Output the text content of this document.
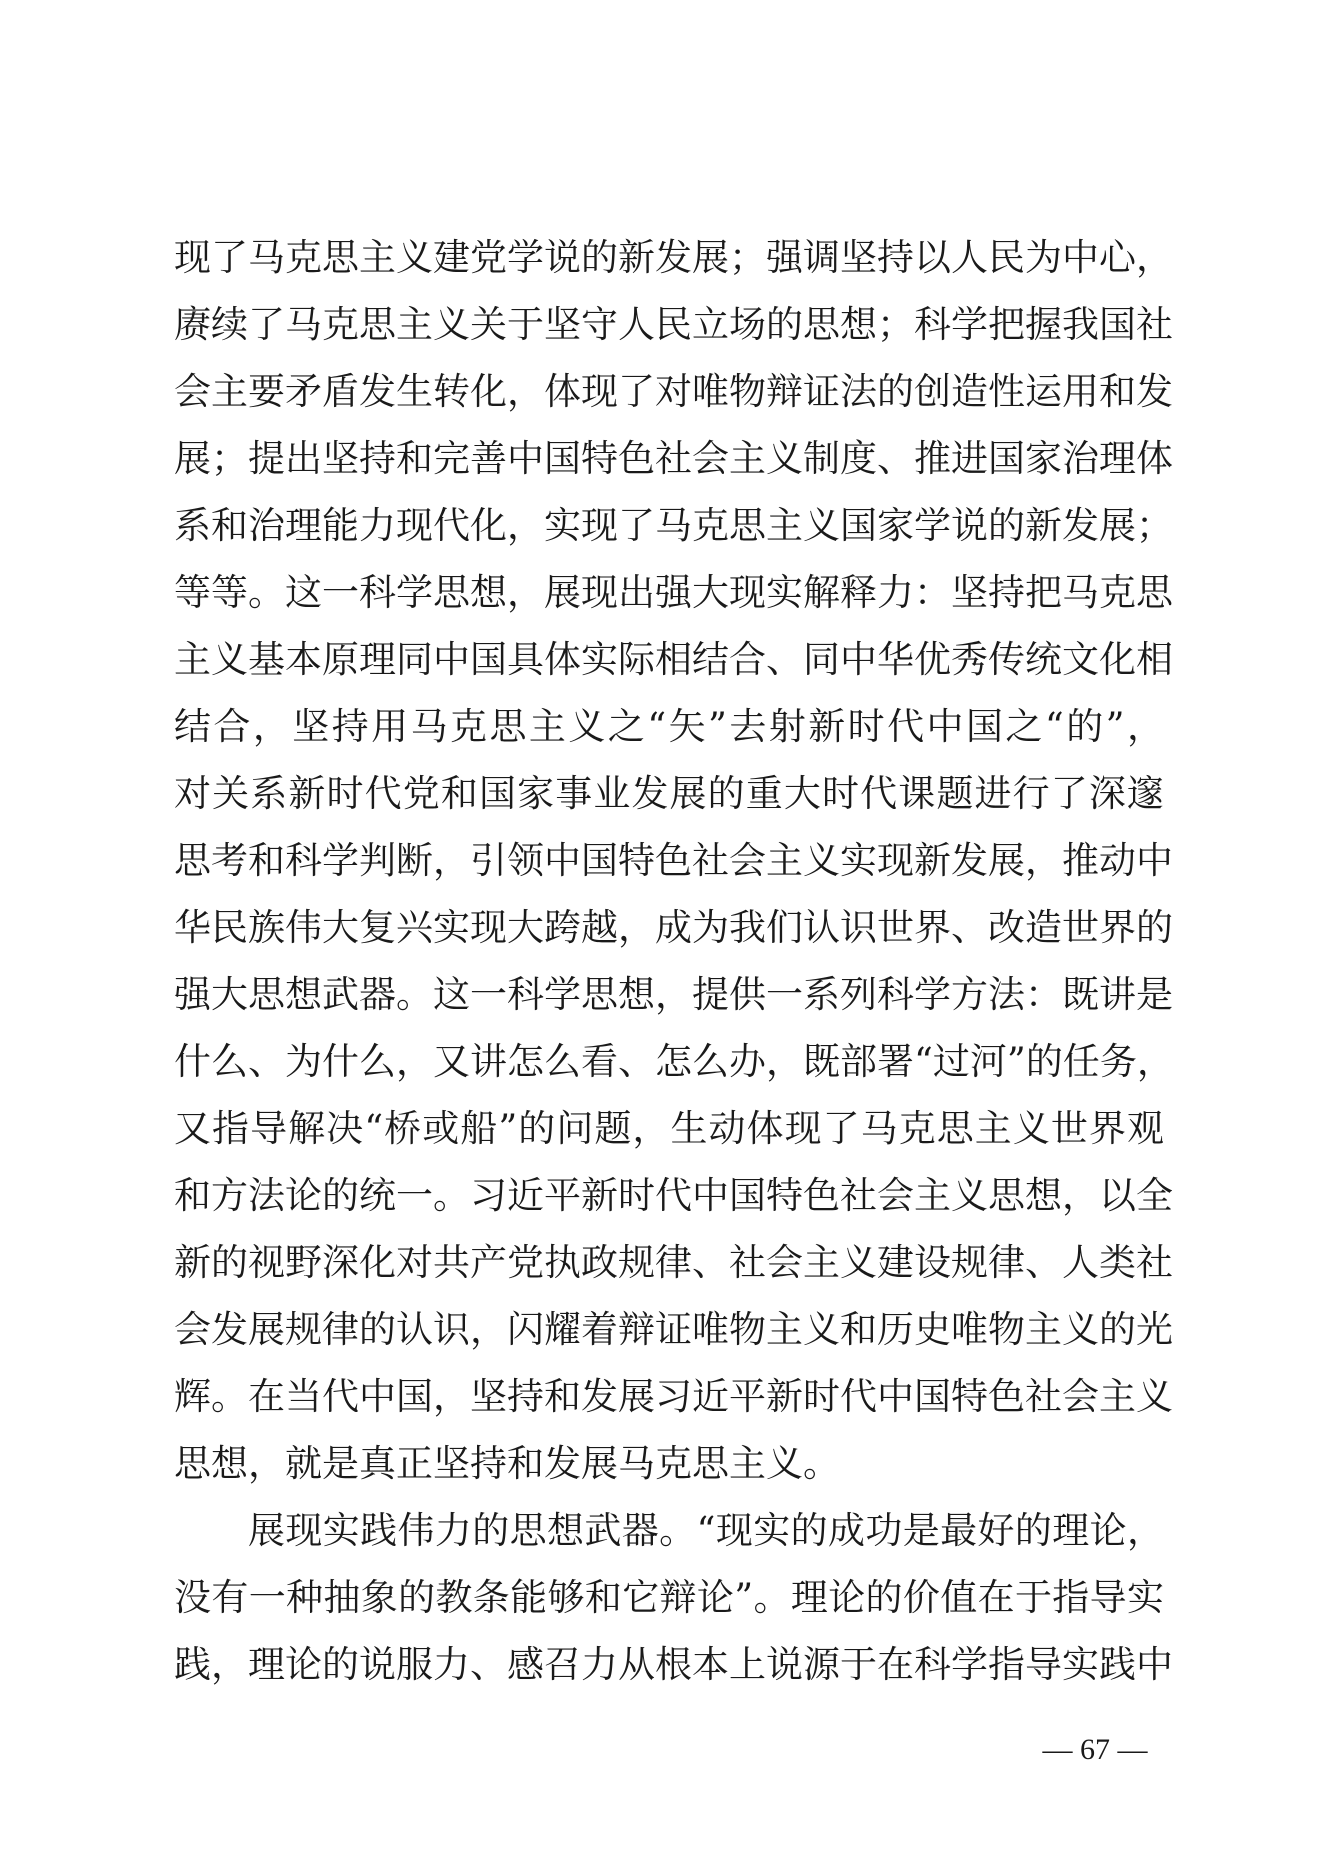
现了马克思主义建党学说的新发展；强调坚持以人民为中心，
赓续了马克思主义关于坚守人民立场的思想；科学把握我国社
会主要矛盾发生转化，体现了对唯物辩证法的创造性运用和发
展；提出坚持和完善中国特色社会主义制度、推进国家治理体
系和治理能力现代化，实现了马克思主义国家学说的新发展；
等等。这一科学思想，展现出强大现实解释力：坚持把马克思
主义基本原理同中国具体实际相结合、同中华优秀传统文化相
结合，坚持用马克思主义之“矢”去射新时代中国之“的”，
对关系新时代党和国家事业发展的重大时代课题进行了深邃
思考和科学判断，引领中国特色社会主义实现新发展，推动中
华民族伟大复兴实现大跨越，成为我们认识世界、改造世界的
强大思想武器。这一科学思想，提供一系列科学方法：既讲是
什么、为什么，又讲怎么看、怎么办，既部署“过河”的任务，
又指导解决“桥或船”的问题，生动体现了马克思主义世界观
和方法论的统一。习近平新时代中国特色社会主义思想，以全
新的视野深化对共产党执政规律、社会主义建设规律、人类社
会发展规律的认识，闪耀着辩证唯物主义和历史唯物主义的光
辉。在当代中国，坚持和发展习近平新时代中国特色社会主义
思想，就是真正坚持和发展马克思主义。
展现实践伟力的思想武器。“现实的成功是最好的理论，
没有一种抽象的教条能够和它辩论”。理论的价值在于指导实
践，理论的说服力、感召力从根本上说源于在科学指导实践中
— 67 —
